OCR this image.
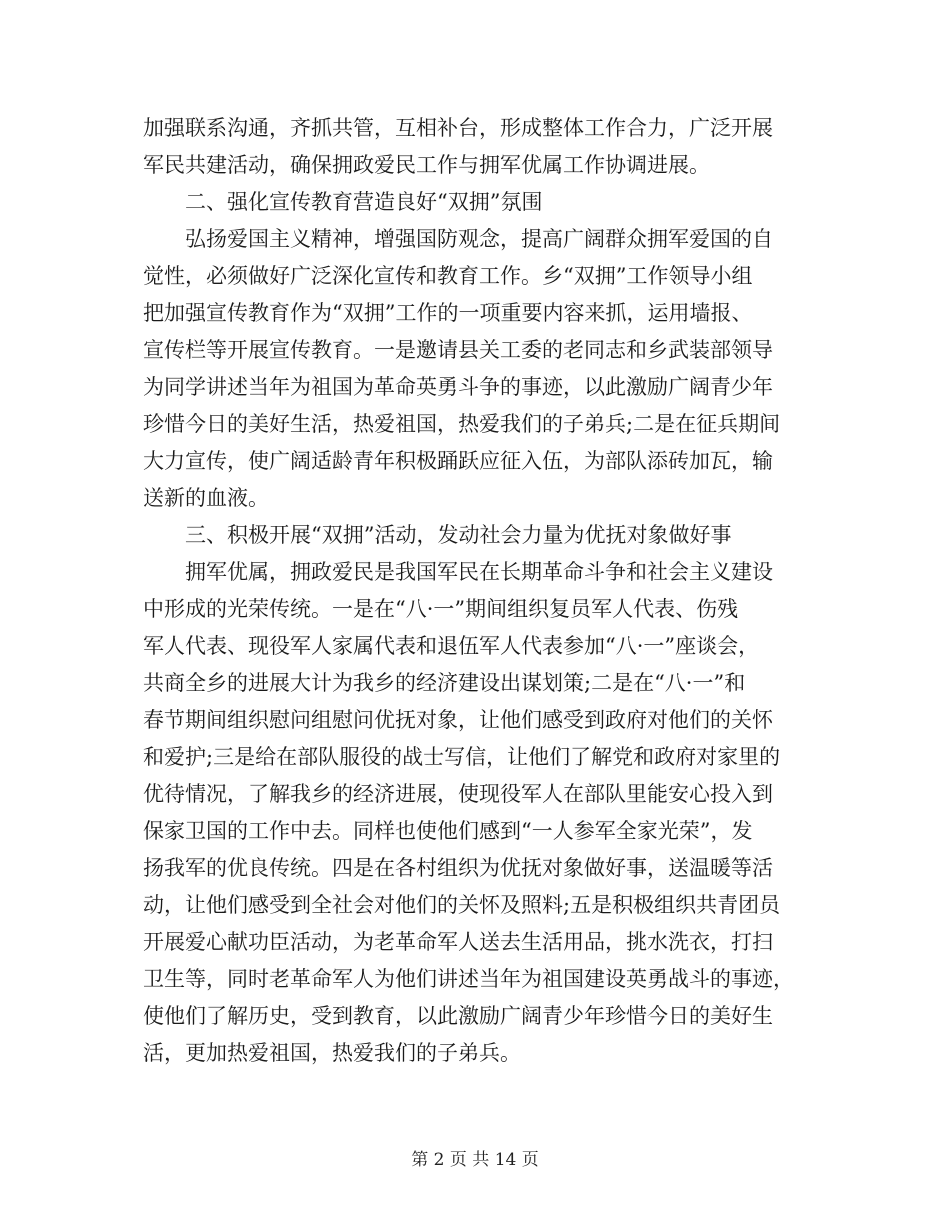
加强联系沟通，齐抓共管，互相补台，形成整体工作合力，广泛开展
军民共建活动，确保拥政爱民工作与拥军优属工作协调进展。
　　二、强化宣传教育营造良好“双拥”氛围
　　弘扬爱国主义精神，增强国防观念，提高广阔群众拥军爱国的自
觉性，必须做好广泛深化宣传和教育工作。乡“双拥”工作领导小组
把加强宣传教育作为“双拥”工作的一项重要内容来抓，运用墙报、
宣传栏等开展宣传教育。一是邀请县关工委的老同志和乡武装部领导
为同学讲述当年为祖国为革命英勇斗争的事迹，以此激励广阔青少年
珍惜今日的美好生活，热爱祖国，热爱我们的子弟兵;二是在征兵期间
大力宣传，使广阔适龄青年积极踊跃应征入伍，为部队添砖加瓦，输
送新的血液。
　　三、积极开展“双拥”活动，发动社会力量为优抚对象做好事
　　拥军优属，拥政爱民是我国军民在长期革命斗争和社会主义建设
中形成的光荣传统。一是在“八·一”期间组织复员军人代表、伤残
军人代表、现役军人家属代表和退伍军人代表参加“八·一”座谈会，
共商全乡的进展大计为我乡的经济建设出谋划策;二是在“八·一”和
春节期间组织慰问组慰问优抚对象，让他们感受到政府对他们的关怀
和爱护;三是给在部队服役的战士写信，让他们了解党和政府对家里的
优待情况，了解我乡的经济进展，使现役军人在部队里能安心投入到
保家卫国的工作中去。同样也使他们感到“一人参军全家光荣”，发
扬我军的优良传统。四是在各村组织为优抚对象做好事，送温暖等活
动，让他们感受到全社会对他们的关怀及照料;五是积极组织共青团员
开展爱心献功臣活动，为老革命军人送去生活用品，挑水洗衣，打扫
卫生等，同时老革命军人为他们讲述当年为祖国建设英勇战斗的事迹，
使他们了解历史，受到教育，以此激励广阔青少年珍惜今日的美好生
活，更加热爱祖国，热爱我们的子弟兵。
第 2 页 共 14 页
